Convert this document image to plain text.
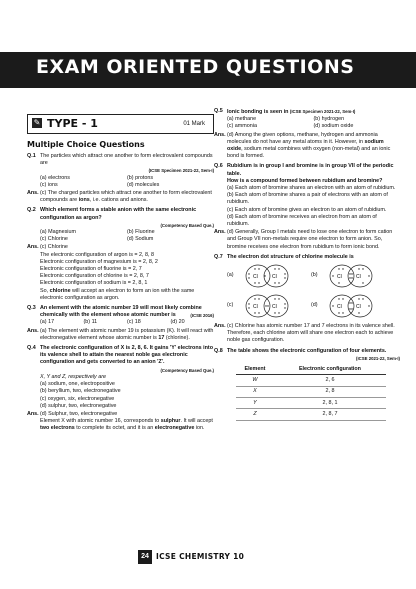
EXAM ORIENTED QUESTIONS
✎ TYPE - 1	01 Mark
Multiple Choice Questions
Q.1 The particles which attract one another to form electrovalent compounds are

(ICSE Specimen 2021-22, Sem-I)
(a) electrons	(b) protons
(c) ions	(d) molecules
Ans. (c) The charged particles which attract one another to form electrovalent compounds are ions, i.e. cations and anions.
Q.2 Which element forms a stable anion with the same electronic configuration as argon?

(Competency Based Que.)
(a) Magnesium	(b) Fluorine
(c) Chlorine	(d) Sodium
Ans. (c) Chlorine
The electronic configuration of argon is = 2, 8, 8
Electronic configuration of magnesium is = 2, 8, 2
Electronic configuration of fluorine is = 2, 7
Electronic configuration of chlorine is = 2, 8, 7
Electronic configuration of sodium is = 2, 8, 1
So, chlorine will accept an electron to form an ion with the same electronic configuration as argon.
Q.3 An element with the atomic number 19 will most likely combine chemically with the element whose atomic number is	(ICSE 2016)
(a) 17	(b) 11	(c) 18	(d) 20
Ans. (a) The element with atomic number 19 is potassium (K). It will react with electronegative element whose atomic number is 17 (chlorine).
Q.4 The electronic configuration of X is 2, 8, 6. It gains 'Y' electrons into its valence shell to attain the nearest noble gas electronic configuration and gets converted to an anion 'Z'.
(Competency Based Que.)
X, Y and Z, respectively are
(a) sodium, one, electropositive
(b) beryllium, two, electronegative
(c) oxygen, six, electronegative
(d) sulphur, two, electronegative
Ans. (d) Sulphur, two, electronegative
Element X with atomic number 16, corresponds to sulphur. It will accept two electrons to complete its octet, and it is an electronegative ion.
Q.5 Ionic bonding is seen in (ICSE Specimen 2021-22, Sem-I)
(a) methane	(b) hydrogen
(c) ammonia	(d) sodium oxide
Ans. (d) Among the given options, methane, hydrogen and ammonia molecules do not have any metal atoms in it. However, in sodium oxide, sodium metal combines with oxygen (non-metal) and an ionic bond is formed.
Q.6 Rubidium is in group I and bromine is in group VII of the periodic table.
How is a compound formed between rubidium and bromine?
(a) Each atom of bromine shares an electron with an atom of rubidium.
(b) Each atom of bromine shares a pair of electrons with an atom of rubidium.
(c) Each atom of bromine gives an electron to an atom of rubidium.
(d) Each atom of bromine receives an electron from an atom of rubidium.
Ans. (d) Generally, Group I metals need to lose one electron to form cation and Group VII non-metals require one electron to form anion. So, bromine receives one electron from rubidium to form ionic bond.
Q.7 The electron dot structure of chlorine molecule is
(a)	Cl	Cl	(b)	Cl	Cl
(c)	Cl	Cl	(d)	Cl	Cl
Ans. (c) Chlorine has atomic number 17 and 7 electrons in its valence shell. Therefore, each chlorine atom will share one electron each to achieve noble gas configuration.
Q.8 The table shows the electronic configuration of four elements.
(ICSE 2021-22, Sem-I)
Element	Electronic configuration
W	2, 6
X	2, 8
Y	2, 8, 1
Z	2, 8, 7
24 ICSE CHEMISTRY 10
